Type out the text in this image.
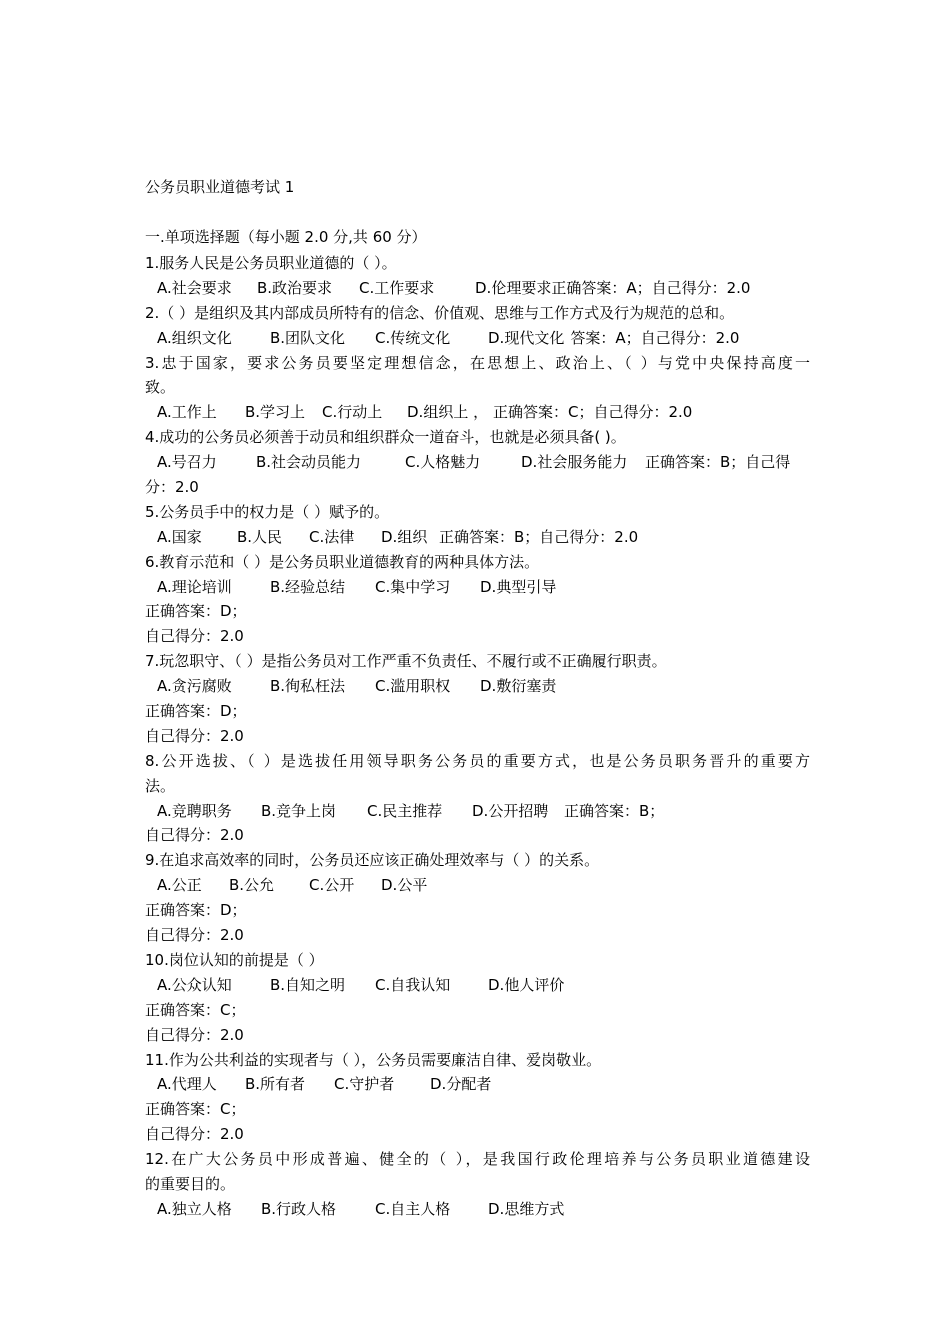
公务员职业道德考试 1
一.单项选择题（每小题 2.0 分,共 60 分）
1.服务人民是公务员职业道德的（ ）。
A.社会要求 B.政治要求 C.工作要求	D.伦理要求正确答案：A；自己得分：2.0
2.（ ）是组织及其内部成员所特有的信念、价值观、思维与工作方式及行为规范的总和。
A.组织文化	B.团队文化 C.传统文化	D.现代文化 答案：A；自己得分：2.0
3.忠于国家，要求公务员要坚定理想信念，在思想上、政治上、（ ）与党中央保持高度一
致。
A.工作上 B.学习上 C.行动上 D.组织上 ， 正确答案：C；自己得分：2.0
4.成功的公务员必须善于动员和组织群众一道奋斗，也就是必须具备( )。
A.号召力	B.社会动员能力	C.人格魅力	D.社会服务能力 正确答案：B；自己得
分：2.0
5.公务员手中的权力是（ ）赋予的。
A.国家 B.人民 C.法律 D.组织 正确答案：B；自己得分：2.0
6.教育示范和（ ）是公务员职业道德教育的两种具体方法。
A.理论培训	B.经验总结 C.集中学习 D.典型引导
正确答案：D；
自己得分：2.0
7.玩忽职守、（ ）是指公务员对工作严重不负责任、不履行或不正确履行职责。
A.贪污腐败	B.徇私枉法 C.滥用职权 D.敷衍塞责
正确答案：D；
自己得分：2.0
8.公开选拔、（ ）是选拔任用领导职务公务员的重要方式，也是公务员职务晋升的重要方
法。
A.竞聘职务 B.竞争上岗 C.民主推荐 D.公开招聘 正确答案：B；
自己得分：2.0
9.在追求高效率的同时，公务员还应该正确处理效率与（ ）的关系。
A.公正 B.公允 C.公开 D.公平
正确答案：D；
自己得分：2.0
10.岗位认知的前提是（ ）
A.公众认知	B.自知之明 C.自我认知	D.他人评价
正确答案：C；
自己得分：2.0
11.作为公共利益的实现者与（ ），公务员需要廉洁自律、爱岗敬业。
A.代理人 B.所有者 C.守护者 D.分配者
正确答案：C；
自己得分：2.0
12.在广大公务员中形成普遍、健全的（ ），是我国行政伦理培养与公务员职业道德建设
的重要目的。
A.独立人格 B.行政人格	C.自主人格	D.思维方式
